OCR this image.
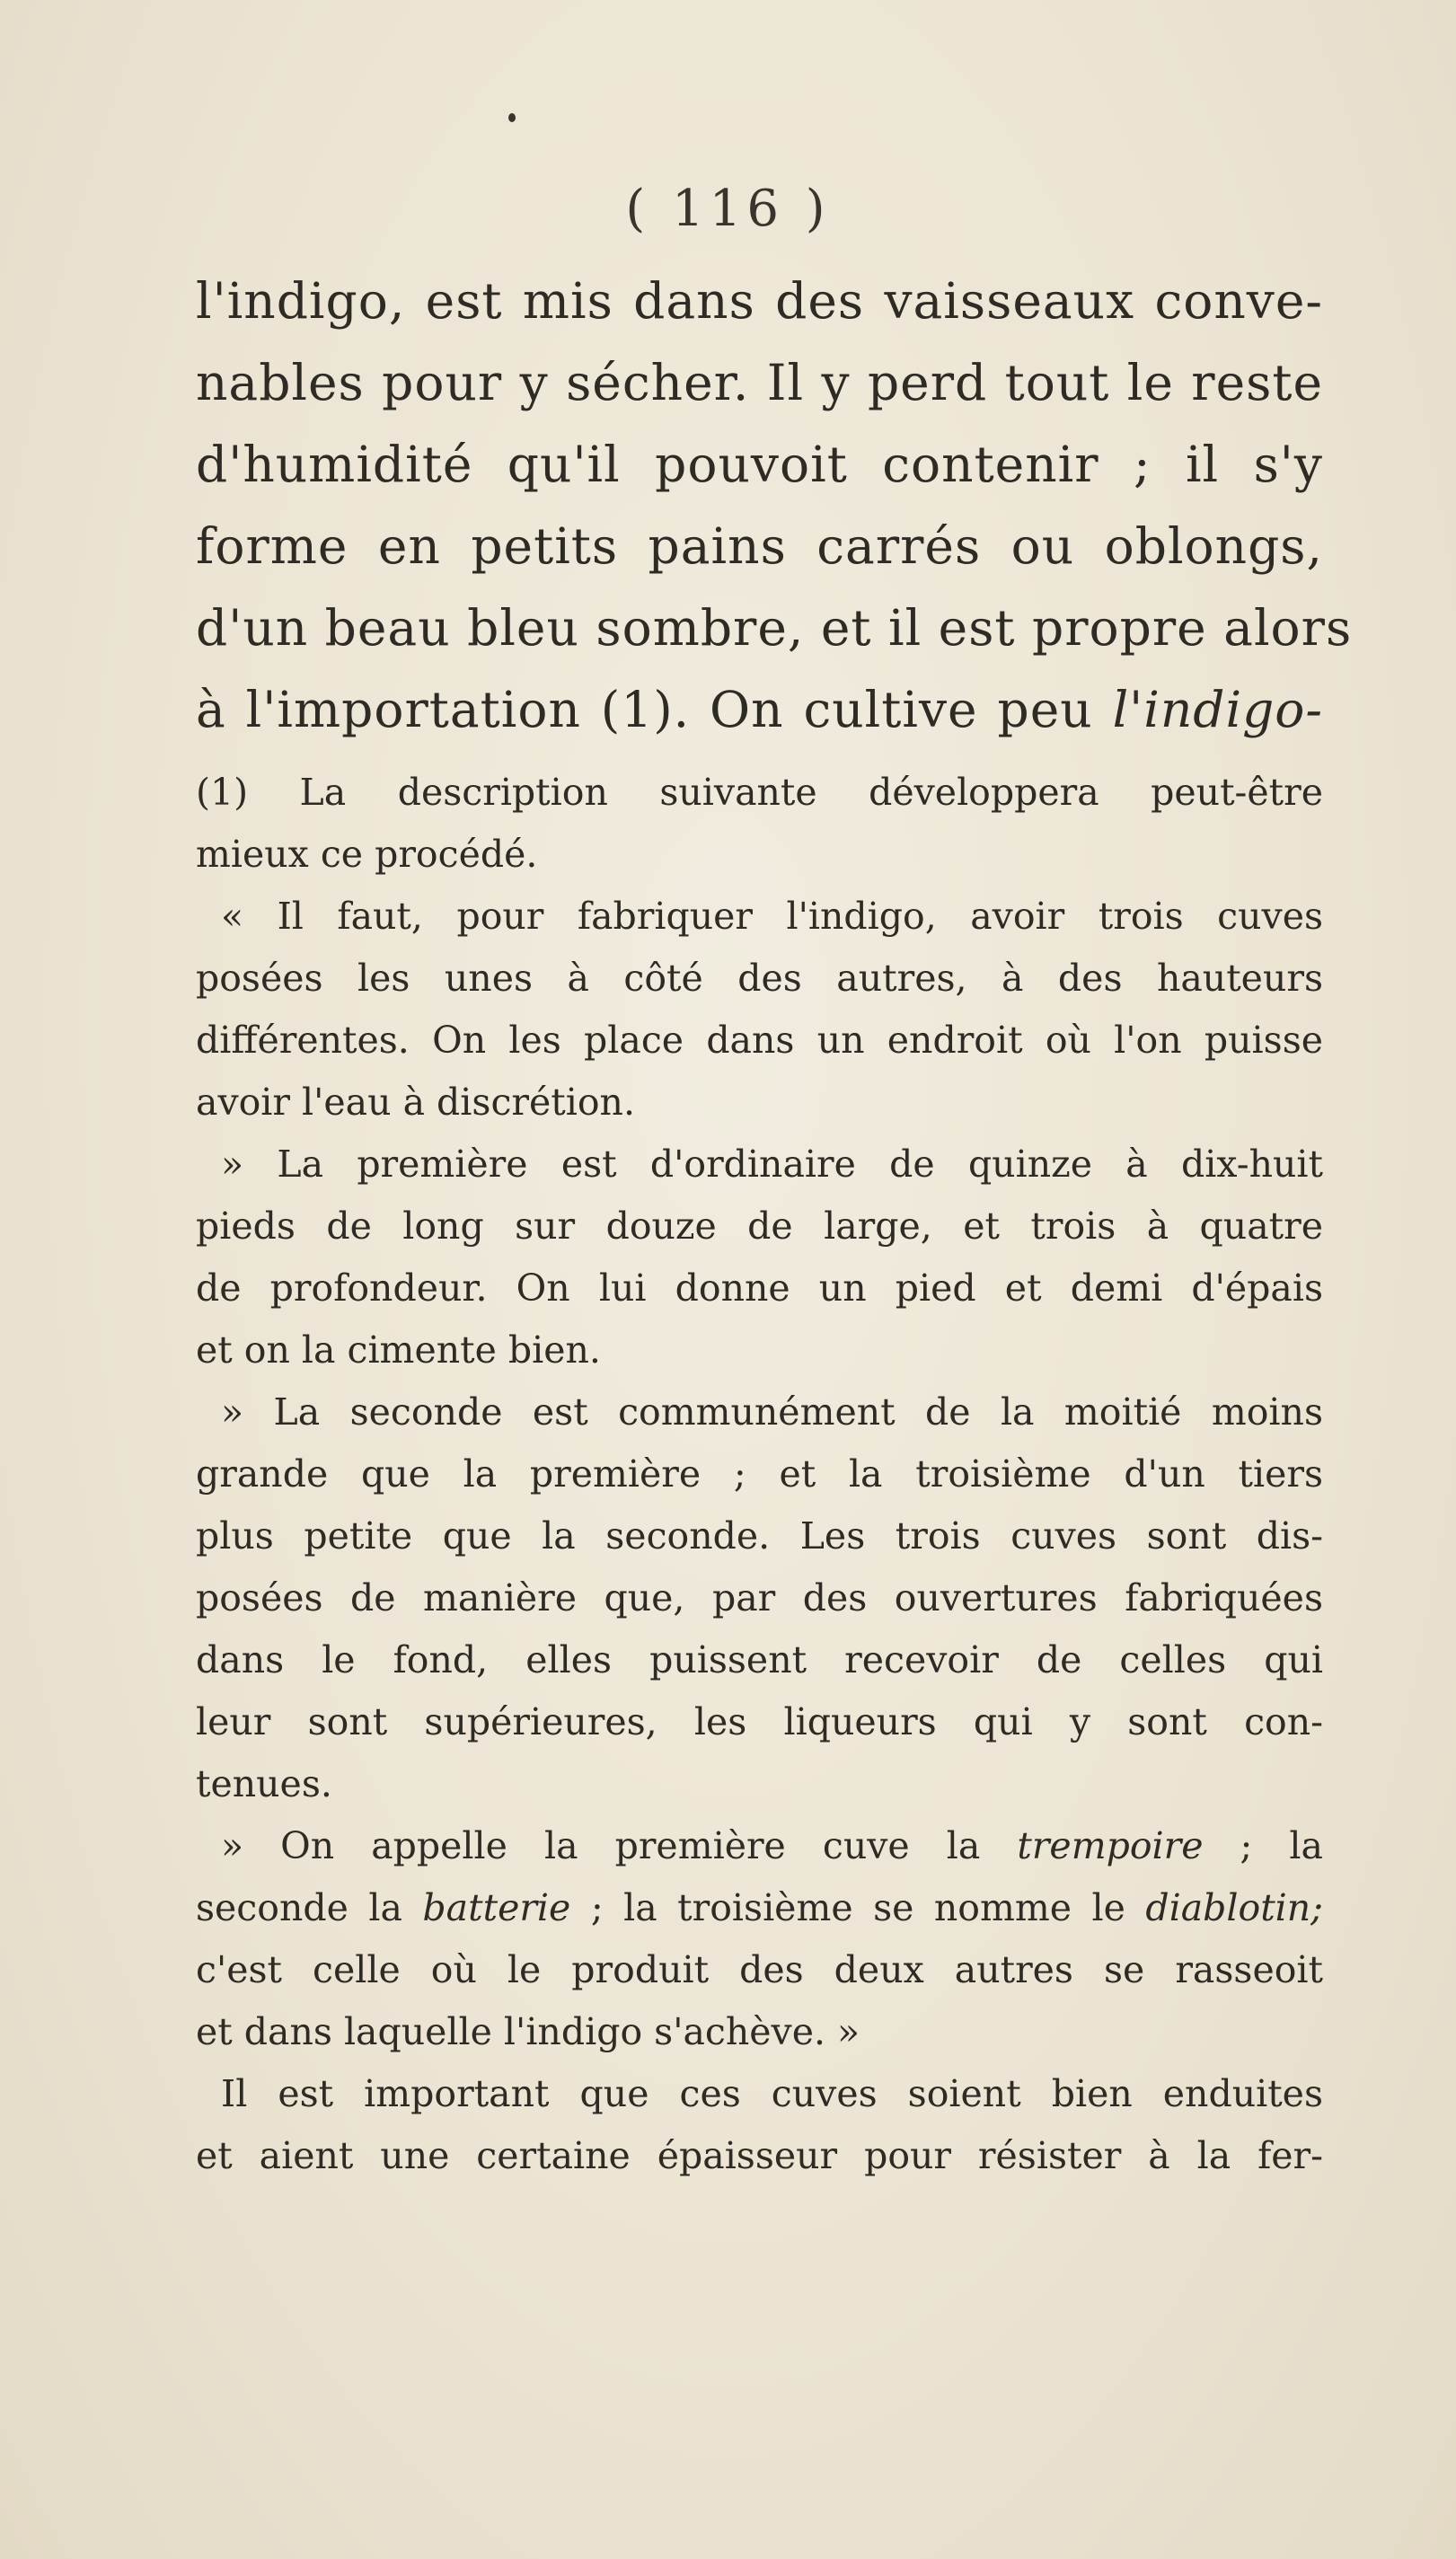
( 116 )
l'indigo, est mis dans des vaisseaux conve-
nables pour y sécher. Il y perd tout le reste
d'humidité qu'il pouvoit contenir ; il s'y
forme en petits pains carrés ou oblongs,
d'un beau bleu sombre, et il est propre alors
à l'importation (1). On cultive peu l'indigo-
(1) La description suivante développera peut-être
mieux ce procédé.
« Il faut, pour fabriquer l'indigo, avoir trois cuves
posées les unes à côté des autres, à des hauteurs
différentes. On les place dans un endroit où l'on puisse
avoir l'eau à discrétion.
» La première est d'ordinaire de quinze à dix-huit
pieds de long sur douze de large, et trois à quatre
de profondeur. On lui donne un pied et demi d'épais
et on la cimente bien.
» La seconde est communément de la moitié moins
grande que la première ; et la troisième d'un tiers
plus petite que la seconde. Les trois cuves sont dis-
posées de manière que, par des ouvertures fabriquées
dans le fond, elles puissent recevoir de celles qui
leur sont supérieures, les liqueurs qui y sont con-
tenues.
» On appelle la première cuve la trempoire ; la
seconde la batterie ; la troisième se nomme le diablotin;
c'est celle où le produit des deux autres se rasseoit
et dans laquelle l'indigo s'achève. »
Il est important que ces cuves soient bien enduites
et aient une certaine épaisseur pour résister à la fer-
